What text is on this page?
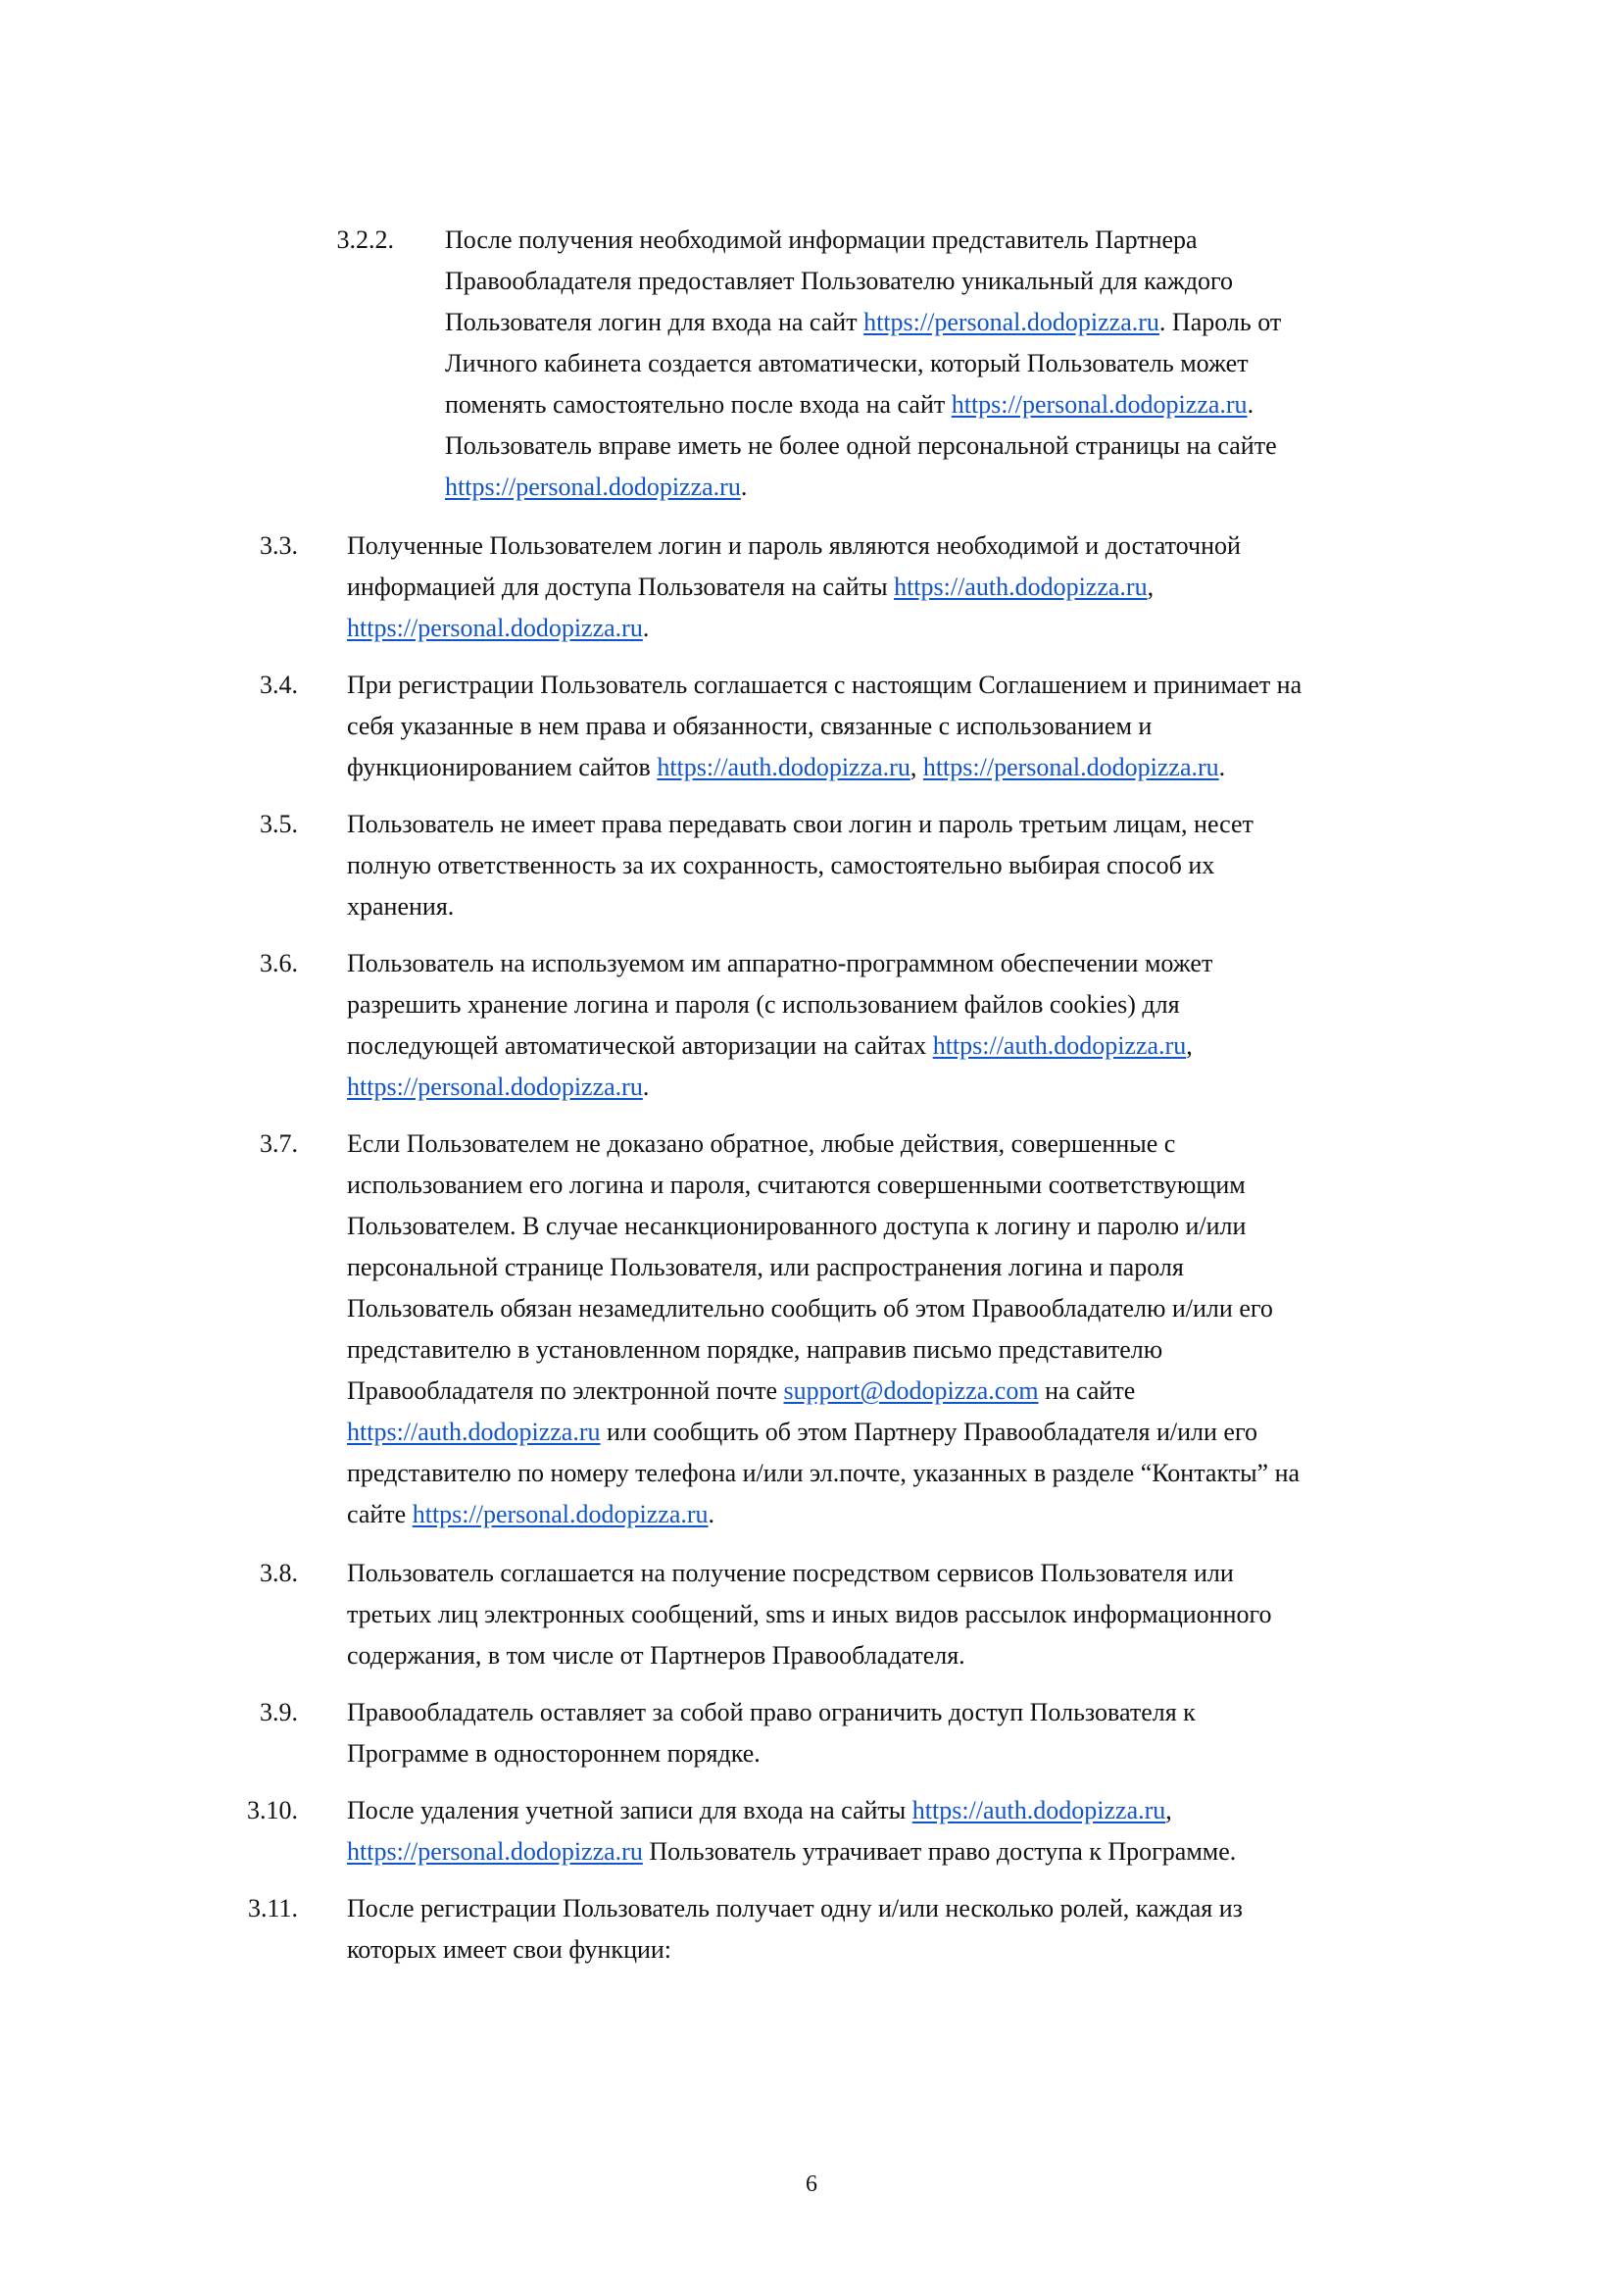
3.2.2. После получения необходимой информации представитель Партнера
Правообладателя предоставляет Пользователю уникальный для каждого
Пользователя логин для входа на сайт https://personal.dodopizza.ru. Пароль от
Личного кабинета создается автоматически, который Пользователь может
поменять самостоятельно после входа на сайт https://personal.dodopizza.ru.
Пользователь вправе иметь не более одной персональной страницы на сайте
https://personal.dodopizza.ru.
3.3. Полученные Пользователем логин и пароль являются необходимой и достаточной
информацией для доступа Пользователя на сайты https://auth.dodopizza.ru,
https://personal.dodopizza.ru.
3.4. При регистрации Пользователь соглашается с настоящим Соглашением и принимает на
себя указанные в нем права и обязанности, связанные с использованием и
функционированием сайтов https://auth.dodopizza.ru, https://personal.dodopizza.ru.
3.5. Пользователь не имеет права передавать свои логин и пароль третьим лицам, несет
полную ответственность за их сохранность, самостоятельно выбирая способ их
хранения.
3.6. Пользователь на используемом им аппаратно-программном обеспечении может
разрешить хранение логина и пароля (с использованием файлов cookies) для
последующей автоматической авторизации на сайтах https://auth.dodopizza.ru,
https://personal.dodopizza.ru.
3.7. Если Пользователем не доказано обратное, любые действия, совершенные с
использованием его логина и пароля, считаются совершенными соответствующим
Пользователем. В случае несанкционированного доступа к логину и паролю и/или
персональной странице Пользователя, или распространения логина и пароля
Пользователь обязан незамедлительно сообщить об этом Правообладателю и/или его
представителю в установленном порядке, направив письмо представителю
Правообладателя по электронной почте support@dodopizza.com на сайте
https://auth.dodopizza.ru или сообщить об этом Партнеру Правообладателя и/или его
представителю по номеру телефона и/или эл.почте, указанных в разделе “Контакты” на
сайте https://personal.dodopizza.ru.
3.8. Пользователь соглашается на получение посредством сервисов Пользователя или
третьих лиц электронных сообщений, sms и иных видов рассылок информационного
содержания, в том числе от Партнеров Правообладателя.
3.9. Правообладатель оставляет за собой право ограничить доступ Пользователя к
Программе в одностороннем порядке.
3.10. После удаления учетной записи для входа на сайты https://auth.dodopizza.ru,
https://personal.dodopizza.ru Пользователь утрачивает право доступа к Программе.
3.11. После регистрации Пользователь получает одну и/или несколько ролей, каждая из
которых имеет свои функции:
6
